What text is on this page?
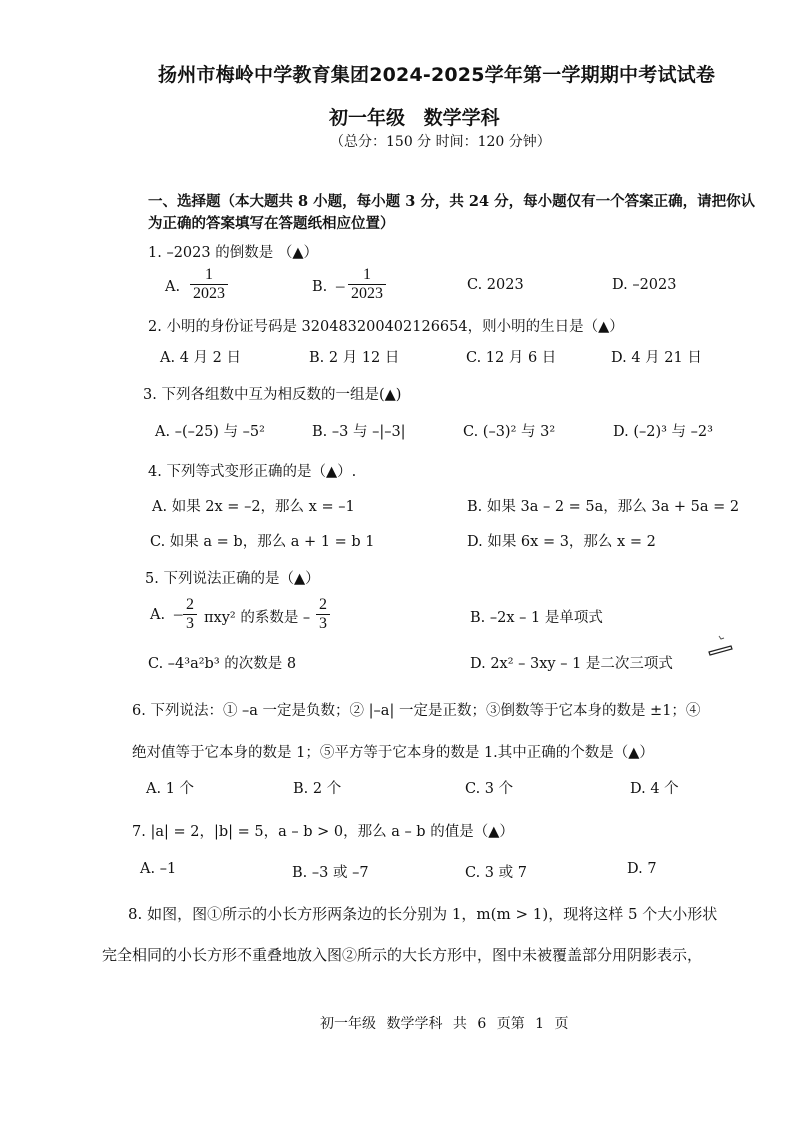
扬州市梅岭中学教育集团2024-2025学年第一学期期中考试试卷
初一年级 数学学科
（总分：150 分 时间：120 分钟）
一、选择题（本大题共 8 小题，每小题 3 分，共 24 分，每小题仅有一个答案正确，请把你认为正确的答案填写在答题纸相应位置）
1. –2023 的倒数是 （▲）
A. $\frac{1}{2023}$	B. – $\frac{1}{2023}$	C. 2023	D. –2023
2. 小明的身份证号码是 320483200402126654，则小明的生日是（▲）
A. 4 月 2 日	B. 2 月 12 日	C. 12 月 6 日	D. 4 月 21 日
3. 下列各组数中互为相反数的一组是(▲)
A. –(–25) 与 –5²	B. –3 与 –|–3|	C. (–3)² 与 3²	D. (–2)³ 与 –2³
4. 下列等式变形正确的是（▲）.
A. 如果 2x = –2，那么 x = –1	B. 如果 3a – 2 = 5a，那么 3a + 5a = 2
C. 如果 a = b，那么 a + 1 = b 1	D. 如果 6x = 3，那么 x = 2
5. 下列说法正确的是（▲）
A. – $\frac{2}{3} \pi xy^2$ 的系数是 – $\frac{2}{3}$	B. –2x – 1 是单项式
C. –4³a²b³ 的次数是 8	D. 2x² – 3xy – 1 是二次三项式
6. 下列说法：① –a 一定是负数；② |–a| 一定是正数；③倒数等于它本身的数是 ±1；④
绝对值等于它本身的数是 1；⑤平方等于它本身的数是 1.其中正确的个数是（▲）
A. 1 个	B. 2 个	C. 3 个	D. 4 个
7. |a| = 2，|b| = 5，a – b > 0，那么 a – b 的值是（▲）
A. –1	B. –3 或 –7	C. 3 或 7	D. 7
8. 如图，图①所示的小长方形两条边的长分别为 1，m(m > 1)，现将这样 5 个大小形状
完全相同的小长方形不重叠地放入图②所示的大长方形中，图中未被覆盖部分用阴影表示，
初一年级 数学学科 共 6 页第 1 页
